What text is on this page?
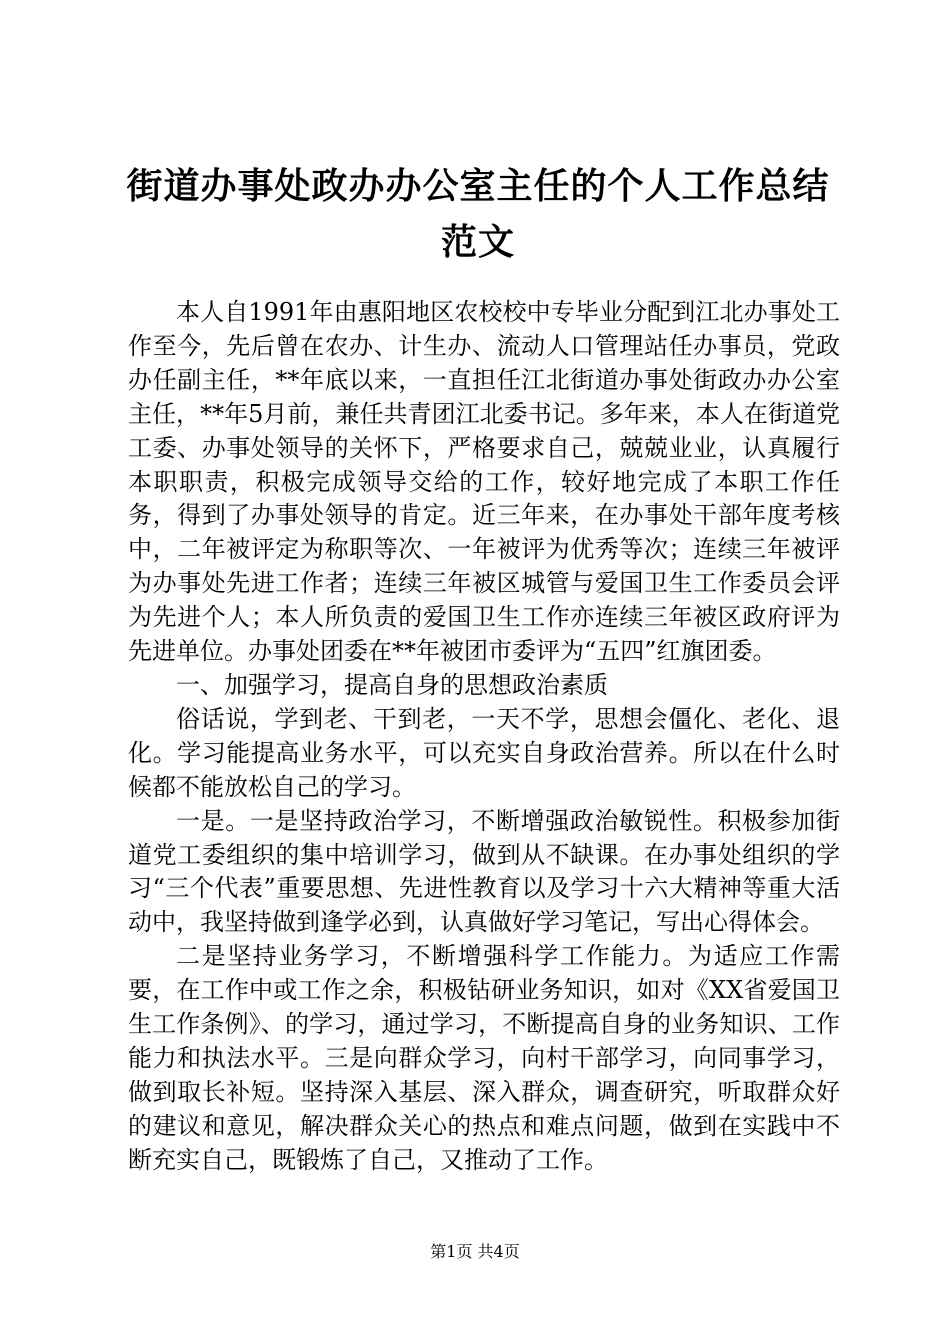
街道办事处政办办公室主任的个人工作总结范文

本人自1991年由惠阳地区农校校中专毕业分配到江北办事处工作至今，先后曾在农办、计生办、流动人口管理站任办事员，党政办任副主任，**年底以来，一直担任江北街道办事处街政办办公室主任，**年5月前，兼任共青团江北委书记。多年来，本人在街道党工委、办事处领导的关怀下，严格要求自己，兢兢业业，认真履行本职职责，积极完成领导交给的工作，较好地完成了本职工作任务，得到了办事处领导的肯定。近三年来，在办事处干部年度考核中，二年被评定为称职等次、一年被评为优秀等次；连续三年被评为办事处先进工作者；连续三年被区城管与爱国卫生工作委员会评为先进个人；本人所负责的爱国卫生工作亦连续三年被区政府评为先进单位。办事处团委在**年被团市委评为“五四”红旗团委。

一、加强学习，提高自身的思想政治素质

俗话说，学到老、干到老，一天不学，思想会僵化、老化、退化。学习能提高业务水平，可以充实自身政治营养。所以在什么时候都不能放松自己的学习。

一是。一是坚持政治学习，不断增强政治敏锐性。积极参加街道党工委组织的集中培训学习，做到从不缺课。在办事处组织的学习“三个代表”重要思想、先进性教育以及学习十六大精神等重大活动中，我坚持做到逢学必到，认真做好学习笔记，写出心得体会。

二是坚持业务学习，不断增强科学工作能力。为适应工作需要，在工作中或工作之余，积极钻研业务知识，如对《XX省爱国卫生工作条例》、的学习，通过学习，不断提高自身的业务知识、工作能力和执法水平。三是向群众学习，向村干部学习，向同事学习，做到取长补短。坚持深入基层、深入群众，调查研究，听取群众好的建议和意见，解决群众关心的热点和难点问题，做到在实践中不断充实自己，既锻炼了自己，又推动了工作。

第1页 共4页
